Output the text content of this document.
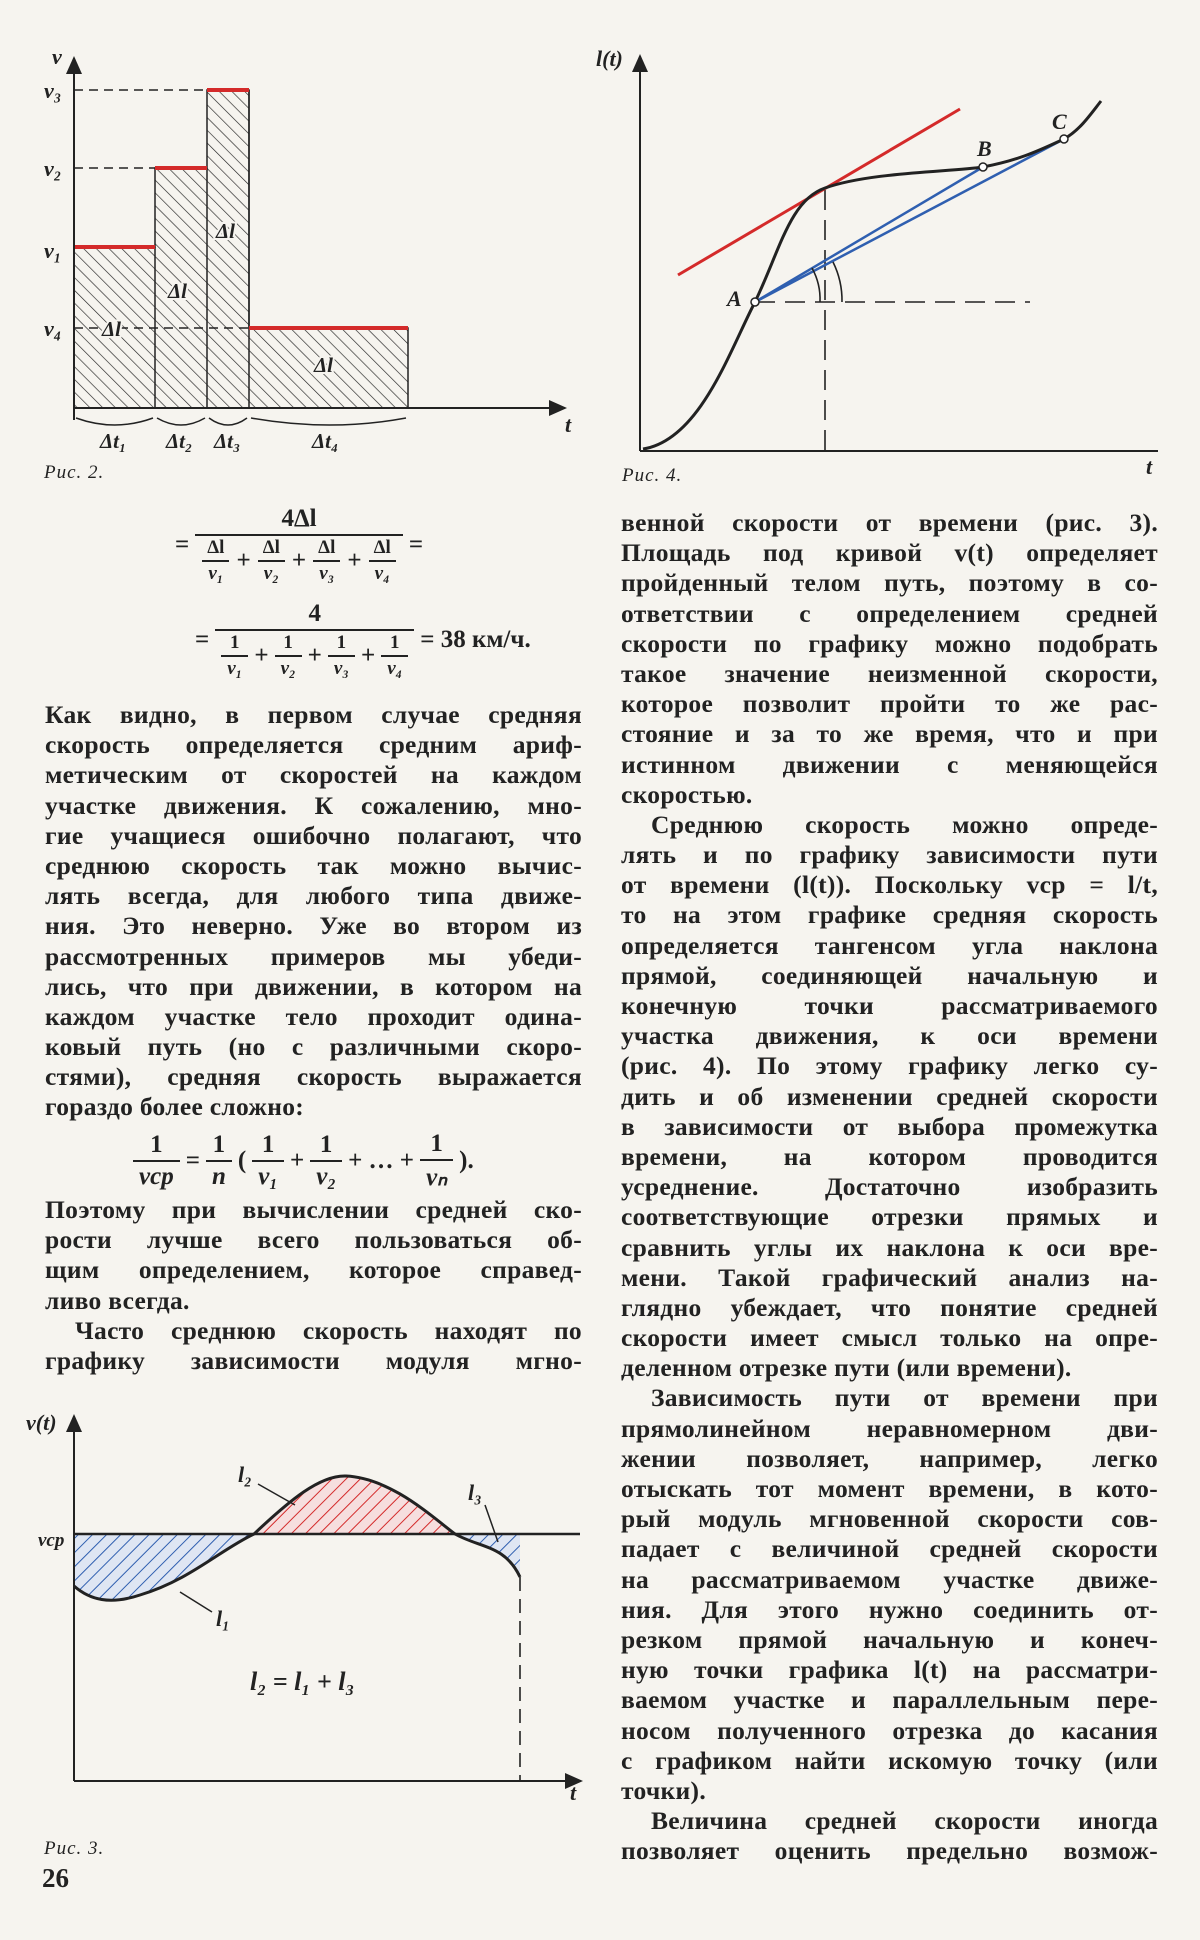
v
t
v₃
v₂
v₁
v₄ Δl
Δl
Δl
Δl
Δt₁ Δt₂ Δt₃	Δt₄
Рис. 2.
l(t)
t
A
B
C
Рис. 4.
= $\frac{4\Delta l}{\frac{\Delta l}{\text{v₁}} + \frac{\Delta l}{\text{v₂}} + \frac{\Delta l}{\text{v₃}} + \frac{\Delta l}{\text{v₄}}}$ =
= $\frac{4}{\frac{1}{\text{v₁}} + \frac{1}{\text{v₂}} + \frac{1}{\text{v₃}} + \frac{1}{\text{v₄}}} = 38$ км/ч.
$\frac{1}{\text{vср}} = \frac{1}{n}$ ( $\frac{1}{\text{v₁}} + \frac{1}{\text{v₂}}$ + … + $\frac{1}{\text{vₙ}}$ ).
Как видно, в первом случае средняя
скорость определяется средним ариф-
метическим от скоростей на каждом
участке движения. К сожалению, мно-
гие учащиеся ошибочно полагают, что
среднюю скорость так можно вычис-
лять всегда, для любого типа движе-
ния. Это неверно. Уже во втором из
рассмотренных примеров мы убеди-
лись, что при движении, в котором на
каждом участке тело проходит одина-
ковый путь (но с различными скоро-
стями), средняя скорость выражается
гораздо более сложно:
Поэтому при вычислении средней ско-
рости лучше всего пользоваться об-
щим определением, которое справед-
ливо всегда.
Часто среднюю скорость находят по
графику зависимости модуля мгно-
венной скорости от времени (рис. 3).
Площадь под кривой v(t) определяет
пройденный телом путь, поэтому в со-
ответствии с определением средней
скорости по графику можно подобрать
такое значение неизменной скорости,
которое позволит пройти то же рас-
стояние и за то же время, что и при
истинном движении с меняющейся
скоростью.
Среднюю скорость можно опреде-
лять и по графику зависимости пути
от времени (l(t)). Поскольку vср = l/t,
то на этом графике средняя скорость
определяется тангенсом угла наклона
прямой, соединяющей начальную и
конечную точки рассматриваемого
участка движения, к оси времени
(рис. 4). По этому графику легко су-
дить и об изменении средней скорости
в зависимости от выбора промежутка
времени, на котором проводится
усреднение. Достаточно изобразить
соответствующие отрезки прямых и
сравнить углы их наклона к оси вре-
мени. Такой графический анализ на-
глядно убеждает, что понятие средней
скорости имеет смысл только на опре-
деленном отрезке пути (или времени).
Зависимость пути от времени при
прямолинейном неравномерном дви-
жении позволяет, например, легко
отыскать тот момент времени, в кото-
рый модуль мгновенной скорости сов-
падает с величиной средней скорости
на рассматриваемом участке движе-
ния. Для этого нужно соединить от-
резком прямой начальную и конеч-
ную точки графика l(t) на рассматри-
ваемом участке и параллельным пере-
носом полученного отрезка до касания
с графиком найти искомую точку (или
точки).
Величина средней скорости иногда
позволяет оценить предельно возмож-
v(t)
t
vср
l₂
l₃
l₁
l₂ = l₁ + l₃
Рис. 3.
26
